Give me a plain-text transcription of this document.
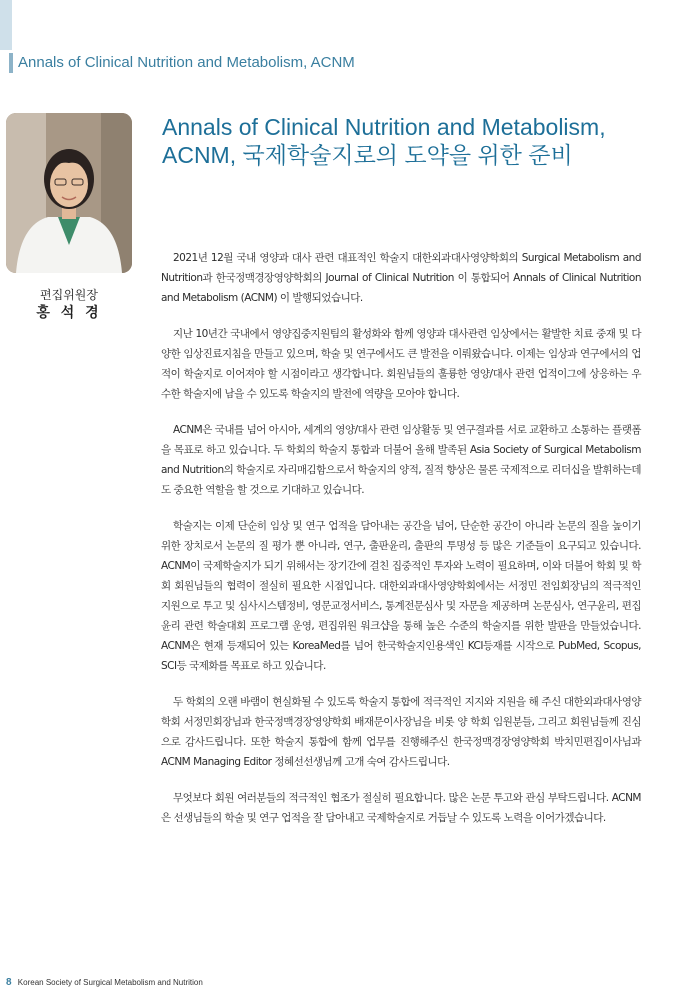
Annals of Clinical Nutrition and Metabolism, ACNM
편집위원장
홍 석 경
Annals of Clinical Nutrition and Metabolism,
ACNM, 국제학술지로의 도약을 위한 준비

2021년 12월 국내 영양과 대사 관련 대표적인 학술지 대한외과대사영양학회의 Surgical Metabolism and Nutrition과 한국정맥경장영양학회의 Journal of Clinical Nutrition 이 통합되어 Annals of Clinical Nutrition and Metabolism (ACNM) 이 발행되었습니다.

지난 10년간 국내에서 영양집중지원팀의 활성화와 함께 영양과 대사관련 임상에서는 활발한 치료 중재 및 다양한 임상진료지침을 만들고 있으며, 학술 및 연구에서도 큰 발전을 이뤄왔습니다. 이제는 임상과 연구에서의 업적이 학술지로 이어져야 할 시점이라고 생각합니다. 회원님들의 훌륭한 영양/대사 관련 업적이그에 상응하는 우수한 학술지에 남을 수 있도록 학술지의 발전에 역량을 모아야 합니다.

ACNM은 국내를 넘어 아시아, 세계의 영양/대사 관련 임상활동 및 연구결과를 서로 교환하고 소통하는 플랫폼을 목표로 하고 있습니다. 두 학회의 학술지 통합과 더불어 올해 발족된 Asia Society of Surgical Metabolism and Nutrition의 학술지로 자리매김함으로서 학술지의 양적, 질적 향상은 물론 국제적으로 리더십을 발휘하는데도 중요한 역할을 할 것으로 기대하고 있습니다.

학술지는 이제 단순히 임상 및 연구 업적을 담아내는 공간을 넘어, 단순한 공간이 아니라 논문의 질을 높이기 위한 장치로서 논문의 질 평가 뿐 아니라, 연구, 출판윤리, 출판의 투명성 등 많은 기준들이 요구되고 있습니다. ACNM이 국제학술지가 되기 위해서는 장기간에 걸친 집중적인 투자와 노력이 필요하며, 이와 더불어 학회 및 학회 회원님들의 협력이 절실히 필요한 시점입니다. 대한외과대사영양학회에서는 서정민 전임회장님의 적극적인 지원으로 투고 및 심사시스템정비, 영문교정서비스, 통계전문심사 및 자문을 제공하며 논문심사, 연구윤리, 편집윤리 관련 학술대회 프로그램 운영, 편집위원 워크샵을 통해 높은 수준의 학술지를 위한 발판을 만들었습니다. ACNM은 현재 등재되어 있는 KoreaMed를 넘어 한국학술지인용색인 KCI등재를 시작으로 PubMed, Scopus, SCI등 국제화를 목표로 하고 있습니다.

두 학회의 오랜 바램이 현실화될 수 있도록 학술지 통합에 적극적인 지지와 지원을 해 주신 대한외과대사영양학회 서정민회장님과 한국정맥경장영양학회 배재문이사장님을 비롯 양 학회 임원분들, 그리고 회원님들께 진심으로 감사드립니다. 또한 학술지 통합에 함께 업무를 진행해주신 한국정맥경장영양학회 박치민편집이사님과 ACNM Managing Editor 정혜선선생님께 고개 숙여 감사드립니다.

무엇보다 회원 여러분들의 적극적인 협조가 절실히 필요합니다. 많은 논문 투고와 관심 부탁드립니다. ACNM은 선생님들의 학술 및 연구 업적을 잘 담아내고 국제학술지로 거듭날 수 있도록 노력을 이어가겠습니다.

8 Korean Society of Surgical Metabolism and Nutrition
